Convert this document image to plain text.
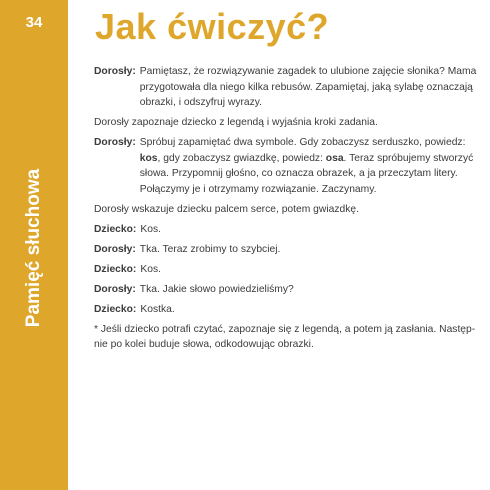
34
Pamięć słuchowa
Jak ćwiczyć?
Dorosły: Pamiętasz, że rozwiązywanie zagadek to ulubione zajęcie słonika? Mama przygotowała dla niego kilka rebusów. Zapamiętaj, jaką sylabę oznaczają obrazki, i odszyfruj wyrazy.

Dorosły zapoznaje dziecko z legendą i wyjaśnia kroki zadania.

Dorosły: Spróbuj zapamiętać dwa symbole. Gdy zobaczysz serduszko, powiedz: kos, gdy zobaczysz gwiazdkę, powiedz: osa. Teraz spróbujemy stworzyć słowa. Przypomnij głośno, co oznacza obrazek, a ja przeczytam litery. Połączymy je i otrzymamy rozwiązanie. Zaczynamy.

Dorosły wskazuje dziecku palcem serce, potem gwiazdkę.

Dziecko: Kos.
Dorosły: Tka. Teraz zrobimy to szybciej.
Dziecko: Kos.
Dorosły: Tka. Jakie słowo powiedzieliśmy?
Dziecko: Kostka.

* Jeśli dziecko potrafi czytać, zapoznaje się z legendą, a potem ją zasłania. Następnie po kolei buduje słowa, odkodowując obrazki.
